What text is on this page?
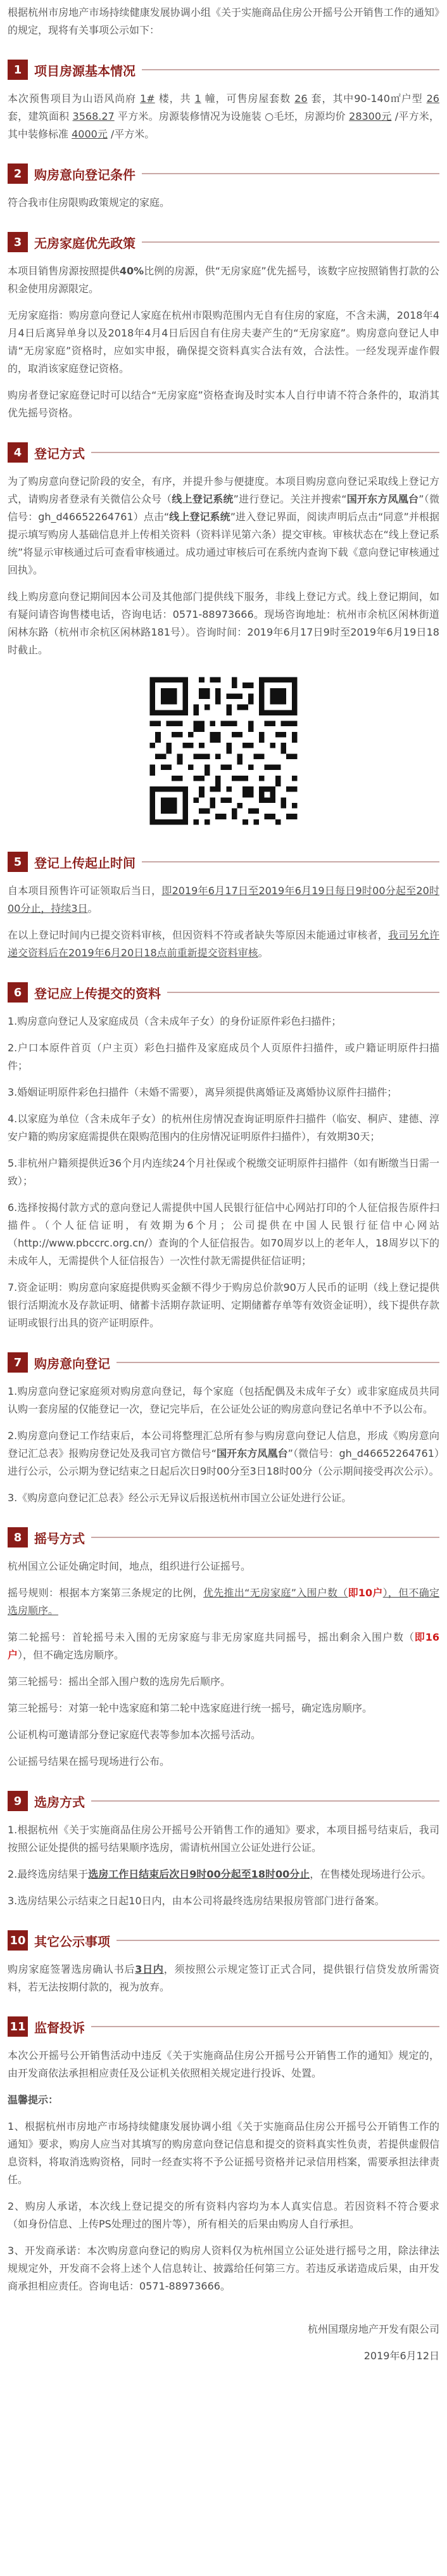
根据杭州市房地产市场持续健康发展协调小组《关于实施商品住房公开摇号公开销售工作的通知》的规定，现将有关事项公示如下：

1 项目房源基本情况

本次预售项目为山语风尚府 1# 楼，共 1 幢，可售房屋套数 26 套，其中90-140㎡户型 26 套，建筑面积 3568.27 平方米。房源装修情况为设施装 ○毛坯，房源均价 28300元 /平方米，其中装修标准 4000元 /平方米。

2 购房意向登记条件

符合我市住房限购政策规定的家庭。

3 无房家庭优先政策

本项目销售房源按照提供40%比例的房源，供“无房家庭”优先摇号，该数字应按照销售打款的公积金使用房源限定。

无房家庭指：购房意向登记人家庭在杭州市限购范围内无自有住房的家庭，不含未满，2018年4月4日后离异单身以及2018年4月4日后因自有住房夫妻产生的“无房家庭”。购房意向登记人申请“无房家庭”资格时，应如实申报，确保提交资料真实合法有效，合法性。一经发现弄虚作假的，取消该家庭登记资格。

购房者登记家庭登记时可以结合“无房家庭”资格查询及时实本人自行申请不符合条件的，取消其优先摇号资格。

4 登记方式

为了购房意向登记阶段的安全，有序，并提升参与便捷度。本项目购房意向登记采取线上登记方式，请购房者登录有关微信公众号（线上登记系统”进行登记。关注并搜索“国开东方凤凰台”（微信号：gh_d46652264761）点击“线上登记系统”进入登记界面，阅读声明后点击“同意”并根据提示填写购房人基础信息并上传相关资料（资料详见第六条）提交审核。审核状态在“线上登记系统”将显示审核通过后可查看审核通过。成功通过审核后可在系统内查询下载《意向登记审核通过回执》。

线上购房意向登记期间因本公司及其他部门提供线下服务，非线上登记方式。线上登记期间，如有疑问请咨询售楼电话，咨询电话：0571-88973666。现场咨询地址：杭州市余杭区闲林街道闲林东路（杭州市余杭区闲林路181号）。咨询时间：2019年6月17日9时至2019年6月19日18时截止。

5 登记上传起止时间

自本项目预售许可证领取后当日，即2019年6月17日至2019年6月19日每日9时00分起至20时00分止，持续3日。

在以上登记时间内已提交资料审核，但因资料不符或者缺失等原因未能通过审核者，我司另允许递交资料后在2019年6月20日18点前重新提交资料审核。

6 登记应上传提交的资料

1.购房意向登记人及家庭成员（含未成年子女）的身份证原件彩色扫描件；

2.户口本原件首页（户主页）彩色扫描件及家庭成员个人页原件扫描件，或户籍证明原件扫描件；

3.婚姻证明原件彩色扫描件（未婚不需要），离异须提供离婚证及离婚协议原件扫描件；

4.以家庭为单位（含未成年子女）的杭州住房情况查询证明原件扫描件（临安、桐庐、建德、淳安户籍的购房家庭需提供在限购范围内的住房情况证明原件扫描件），有效期30天；

5.非杭州户籍须提供近36个月内连续24个月社保或个税缴交证明原件扫描件（如有断缴当日需一致）；

6.选择按揭付款方式的意向登记人需提供中国人民银行征信中心网站打印的个人征信报告原件扫描件。（个人征信证明，有效期为6个月；公司提供在中国人民银行征信中心网站（http://www.pbccrc.org.cn/）查询的个人征信报告。如70周岁以上的老年人，18周岁以下的未成年人，无需提供个人征信报告）一次性付款无需提供征信证明；

7.资金证明：购房意向家庭提供购买金额不得少于购房总价款90万人民币的证明（线上登记提供银行活期流水及存款证明、储蓄卡活期存款证明、定期储蓄存单等有效资金证明），线下提供存款证明或银行出具的资产证明原件。

7 购房意向登记

1.购房意向登记家庭须对购房意向登记，每个家庭（包括配偶及未成年子女）或非家庭成员共同认购一套房屋的仅能登记一次，登记完毕后，在公证处公证的购房意向登记名单中不予以公布。

2.购房意向登记工作结束后，本公司将整理汇总所有参与购房意向登记人信息，形成《购房意向登记汇总表》报购房登记处及我司官方微信号“国开东方凤凰台”（微信号：gh_d46652264761）进行公示，公示期为登记结束之日起后次日9时00分至3日18时00分（公示期间接受再次公示）。

3.《购房意向登记汇总表》经公示无异议后报送杭州市国立公证处进行公证。

8 摇号方式

杭州国立公证处确定时间，地点，组织进行公证摇号。

摇号规则：根据本方案第三条规定的比例，优先推出“无房家庭”入围户数（即10户），但不确定选房顺序。

第二轮摇号：首轮摇号未入围的无房家庭与非无房家庭共同摇号，摇出剩余入围户数（即16户），但不确定选房顺序。

第三轮摇号：摇出全部入围户数的选房先后顺序。

第三轮摇号：对第一轮中选家庭和第二轮中选家庭进行统一摇号，确定选房顺序。

公证机构可邀请部分登记家庭代表等参加本次摇号活动。

公证摇号结果在摇号现场进行公布。

9 选房方式

1.根据杭州《关于实施商品住房公开摇号公开销售工作的通知》要求，本项目摇号结束后，我司按照公证处提供的摇号结果顺序选房，需请杭州国立公证处进行公证。

2.最终选房结果于选房工作日结束后次日9时00分起至18时00分止，在售楼处现场进行公示。

3.选房结果公示结束之日起10日内，由本公司将最终选房结果报房管部门进行备案。

10 其它公示事项

购房家庭签署选房确认书后3日内，须按照公示规定签订正式合同，提供银行信贷发放所需资料，若无法按期付款的，视为放弃。

11 监督投诉

本次公开摇号公开销售活动中违反《关于实施商品住房公开摇号公开销售工作的通知》规定的，由开发商依法承担相应责任及公证机关依照相关规定进行投诉、处置。

温馨提示：

1、根据杭州市房地产市场持续健康发展协调小组《关于实施商品住房公开摇号公开销售工作的通知》要求，购房人应当对其填写的购房意向登记信息和提交的资料真实性负责，若提供虚假信息资料，将取消选购资格，同时一经查实将不予公证摇号资格并记录信用档案，需要承担法律责任。

2、购房人承诺，本次线上登记提交的所有资料内容均为本人真实信息。若因资料不符合要求（如身份信息、上传PS处理过的图片等），所有相关的后果由购房人自行承担。

3、开发商承诺：本次购房意向登记的购房人资料仅为杭州国立公证处进行摇号之用，除法律法规规定外，开发商不会将上述个人信息转让、披露给任何第三方。若违反承诺造成后果，由开发商承担相应责任。咨询电话：0571-88973666。

杭州国璟房地产开发有限公司

2019年6月12日
